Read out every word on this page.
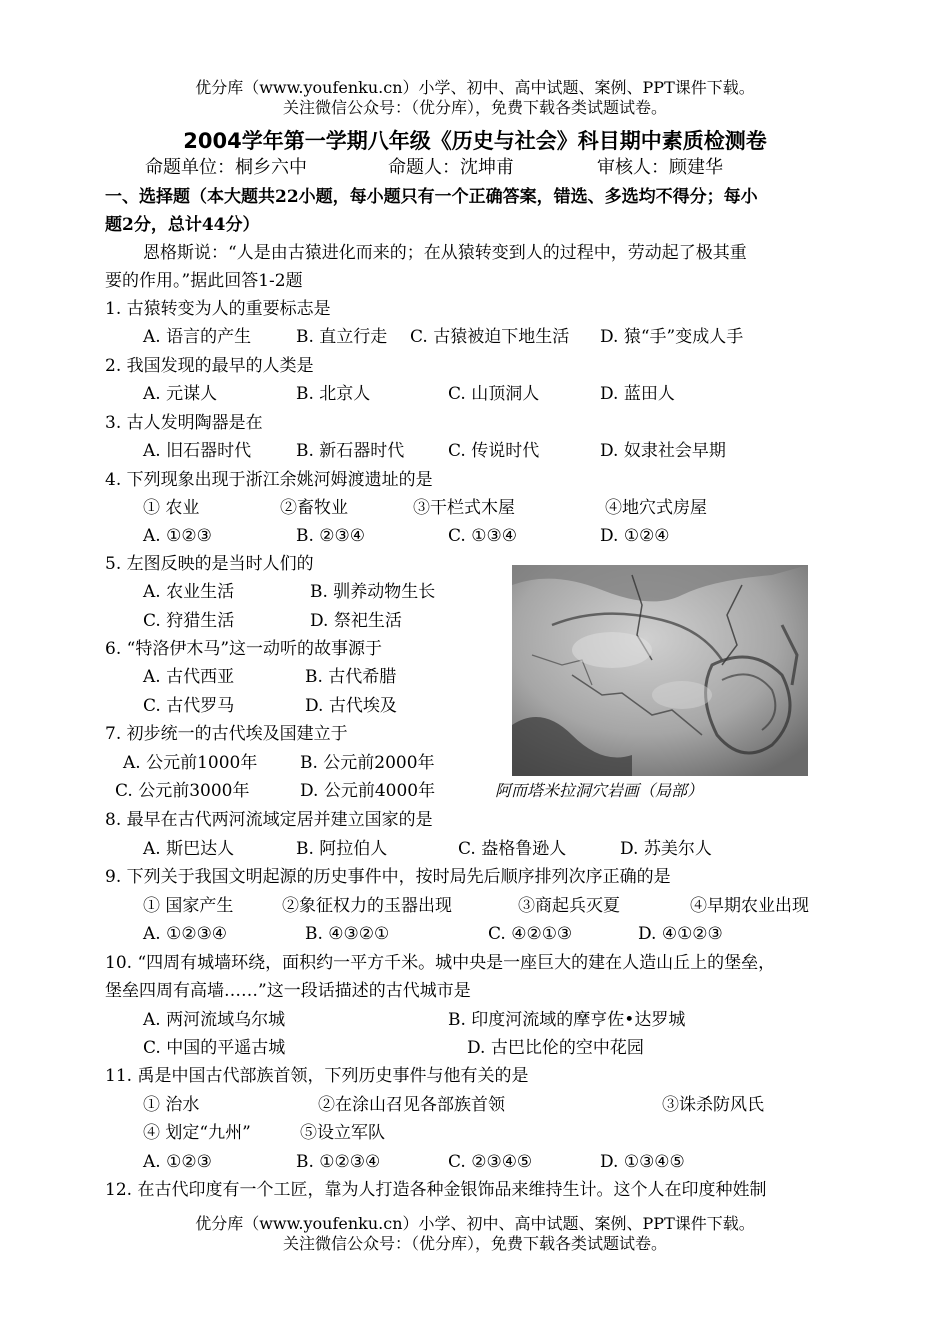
优分库（www.youfenku.cn）小学、初中、高中试题、案例、PPT课件下载。
关注微信公众号：（优分库），免费下载各类试题试卷。
2004学年第一学期八年级《历史与社会》科目期中素质检测卷
命题单位：桐乡六中	命题人：沈坤甫	审核人：顾建华
一、选择题（本大题共22小题，每小题只有一个正确答案，错选、多选均不得分；每小
题2分，总计44分）
恩格斯说：“人是由古猿进化而来的；在从猿转变到人的过程中，劳动起了极其重
要的作用。”据此回答1-2题
1. 古猿转变为人的重要标志是
A. 语言的产生	B. 直立行走 C. 古猿被迫下地生活 D. 猿“手”变成人手
2. 我国发现的最早的人类是
A. 元谋人	B. 北京人	C. 山顶洞人	D. 蓝田人
3. 古人发明陶器是在
A. 旧石器时代	B. 新石器时代	C. 传说时代	D. 奴隶社会早期
4. 下列现象出现于浙江余姚河姆渡遗址的是
① 农业	②畜牧业	③干栏式木屋	④地穴式房屋
A. ①②③	B. ②③④	C. ①③④	D. ①②④
5. 左图反映的是当时人们的
A. 农业生活	B. 驯养动物生长
C. 狩猎生活	D. 祭祀生活
6. “特洛伊木马”这一动听的故事源于
A. 古代西亚	B. 古代希腊
C. 古代罗马	D. 古代埃及
7. 初步统一的古代埃及国建立于
A. 公元前1000年	B. 公元前2000年
C. 公元前3000年	D. 公元前4000年	阿而塔米拉洞穴岩画（局部）
8. 最早在古代两河流域定居并建立国家的是
A. 斯巴达人	B. 阿拉伯人	C. 盎格鲁逊人	D. 苏美尔人
9. 下列关于我国文明起源的历史事件中，按时局先后顺序排列次序正确的是
① 国家产生	②象征权力的玉器出现	③商起兵灭夏	④早期农业出现
A. ①②③④	B. ④③②①	C. ④②①③	D. ④①②③
10. “四周有城墙环绕，面积约一平方千米。城中央是一座巨大的建在人造山丘上的堡垒，
堡垒四周有高墙……”这一段话描述的古代城市是
A. 两河流域乌尔城	B. 印度河流域的摩亨佐•达罗城
C. 中国的平遥古城	D. 古巴比伦的空中花园
11. 禹是中国古代部族首领，下列历史事件与他有关的是
① 治水	②在涂山召见各部族首领	③诛杀防风氏
④ 划定“九州”	⑤设立军队
A. ①②③	B. ①②③④	C. ②③④⑤	D. ①③④⑤
12. 在古代印度有一个工匠，靠为人打造各种金银饰品来维持生计。这个人在印度种姓制
优分库（www.youfenku.cn）小学、初中、高中试题、案例、PPT课件下载。
关注微信公众号：（优分库），免费下载各类试题试卷。
